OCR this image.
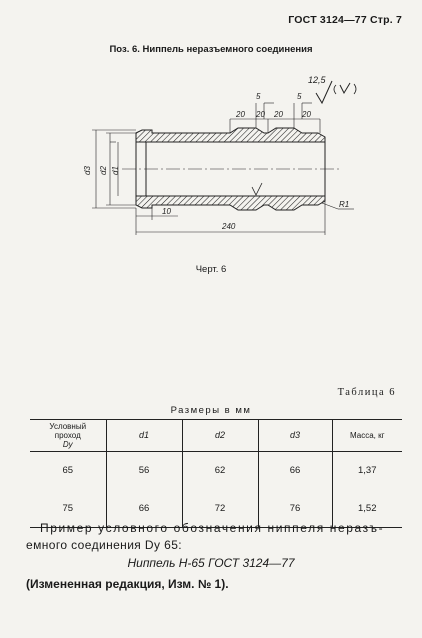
ГОСТ 3124—77 Стр. 7
Поз. 6. Ниппель неразъемного соединения
12,5
5	5
20 20 20 20
d3 d2 d1
10
240
R1
Черт. 6
Таблица 6
Размеры в мм
Условный
проход
Dy	d1	d2	d3	Масса, кг
65	56	62	66	1,37
75	66	72	76	1,52
Пример условного обозначения ниппеля неразъ-
емного соединения Dy 65:
Ниппель Н-65 ГОСТ 3124—77
(Измененная редакция, Изм. № 1).
